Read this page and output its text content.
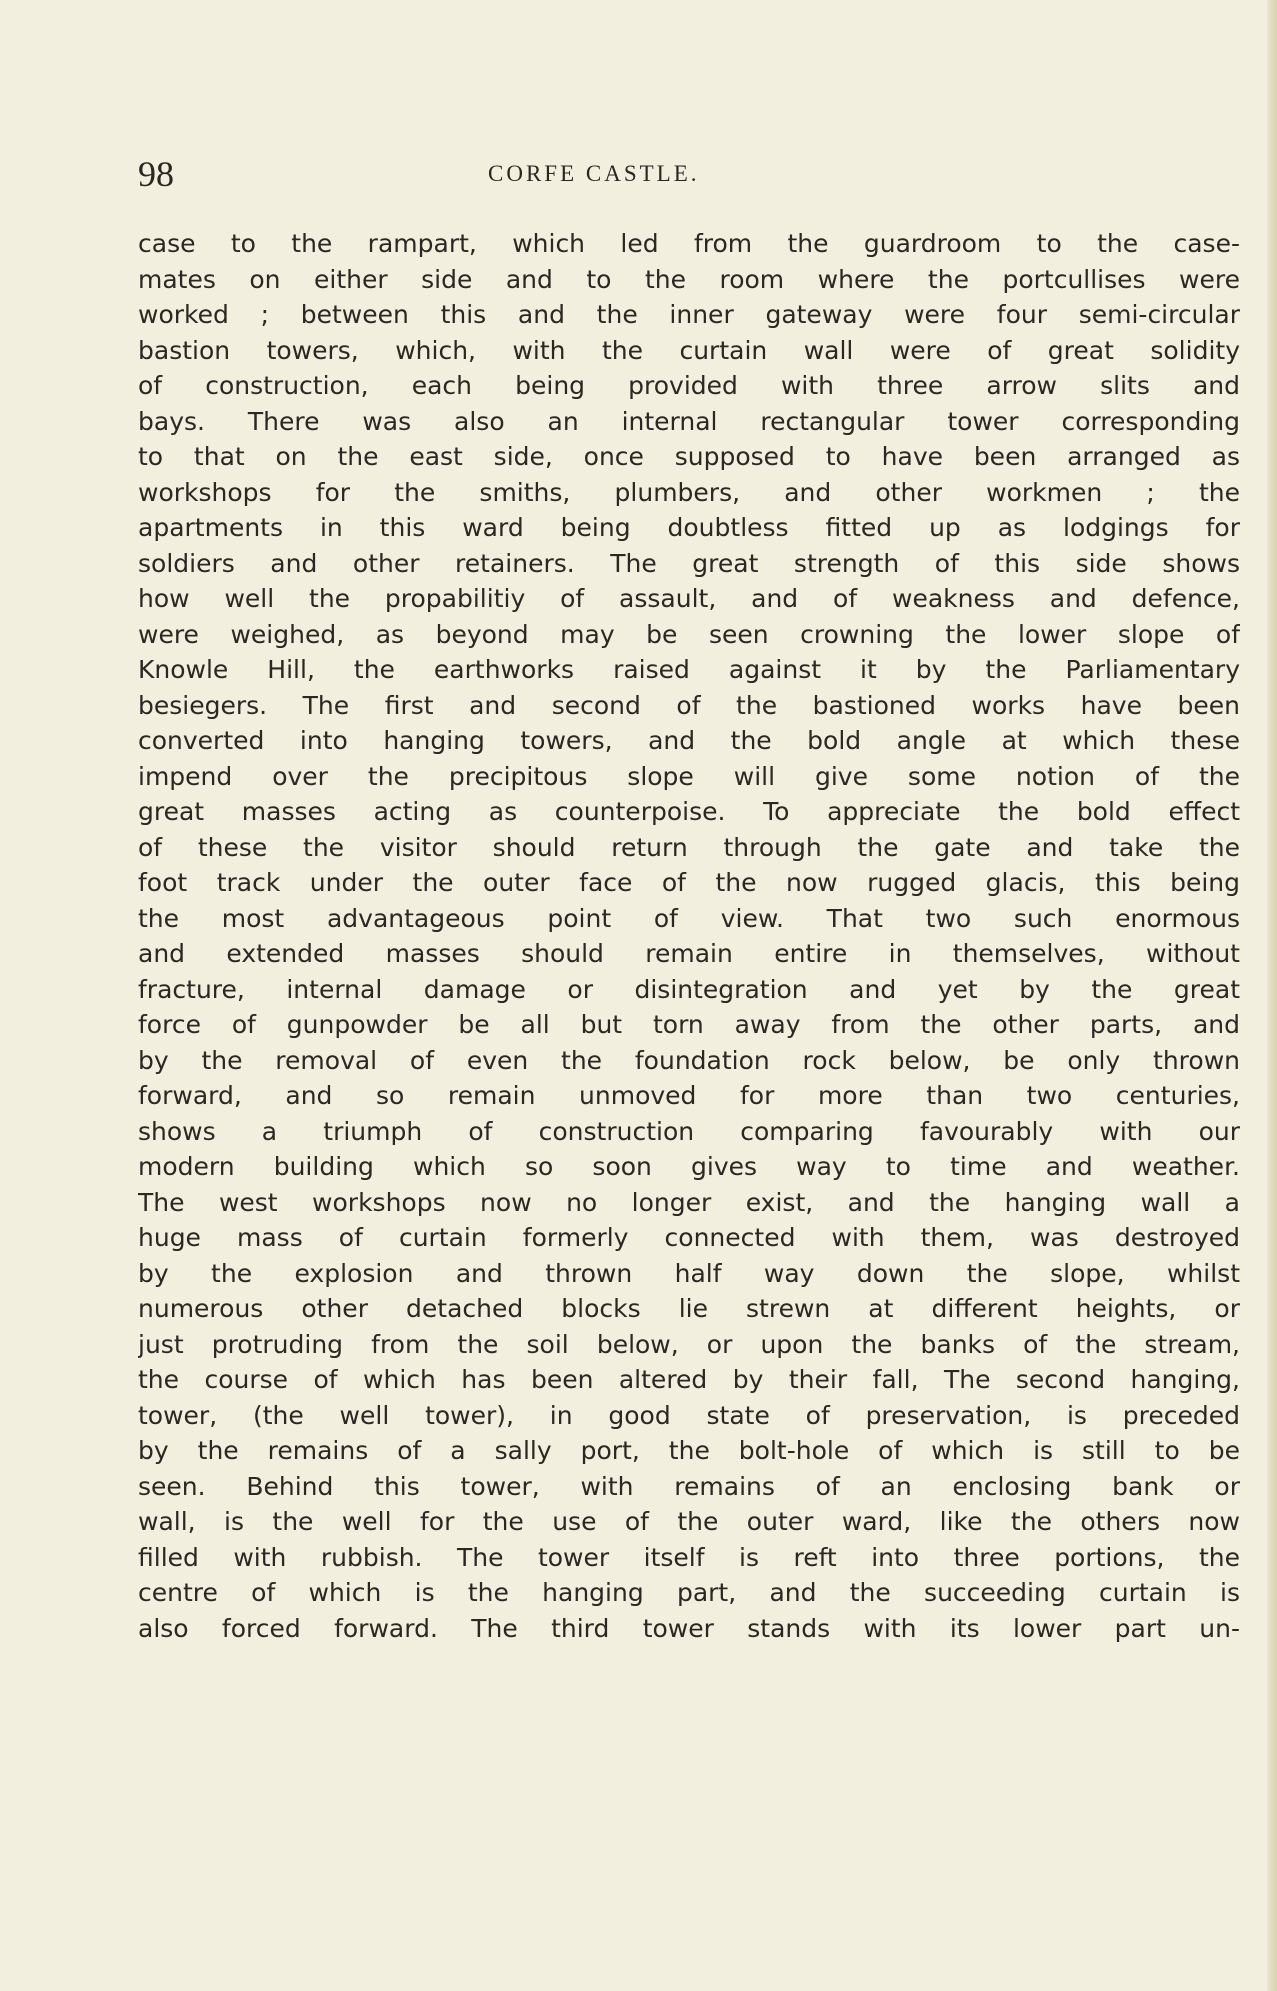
98	CORFE CASTLE.
case to the rampart, which led from the guardroom to the case-
mates on either side and to the room where the portcullises were
worked ; between this and the inner gateway were four semi-circular
bastion towers, which, with the curtain wall were of great solidity
of construction, each being provided with three arrow slits and
bays. There was also an internal rectangular tower corresponding
to that on the east side, once supposed to have been arranged as
workshops for the smiths, plumbers, and other workmen ; the
apartments in this ward being doubtless fitted up as lodgings for
soldiers and other retainers. The great strength of this side shows
how well the propabilitiy of assault, and of weakness and defence,
were weighed, as beyond may be seen crowning the lower slope of
Knowle Hill, the earthworks raised against it by the Parliamentary
besiegers. The first and second of the bastioned works have been
converted into hanging towers, and the bold angle at which these
impend over the precipitous slope will give some notion of the
great masses acting as counterpoise. To appreciate the bold effect
of these the visitor should return through the gate and take the
foot track under the outer face of the now rugged glacis, this being
the most advantageous point of view. That two such enormous
and extended masses should remain entire in themselves, without
fracture, internal damage or disintegration and yet by the great
force of gunpowder be all but torn away from the other parts, and
by the removal of even the foundation rock below, be only thrown
forward, and so remain unmoved for more than two centuries,
shows a triumph of construction comparing favourably with our
modern building which so soon gives way to time and weather.
The west workshops now no longer exist, and the hanging wall a
huge mass of curtain formerly connected with them, was destroyed
by the explosion and thrown half way down the slope, whilst
numerous other detached blocks lie strewn at different heights, or
just protruding from the soil below, or upon the banks of the stream,
the course of which has been altered by their fall, The second hanging,
tower, (the well tower), in good state of preservation, is preceded
by the remains of a sally port, the bolt-hole of which is still to be
seen. Behind this tower, with remains of an enclosing bank or
wall, is the well for the use of the outer ward, like the others now
filled with rubbish. The tower itself is reft into three portions, the
centre of which is the hanging part, and the succeeding curtain is
also forced forward. The third tower stands with its lower part un-
